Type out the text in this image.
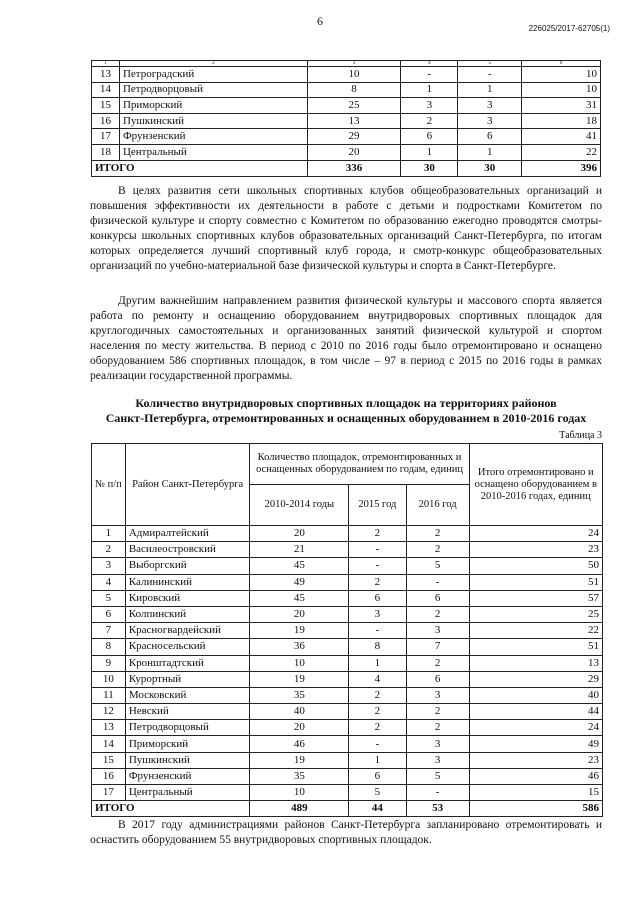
6
226025/2017-62705(1)
1	2	3	4	5	6
13	Петроградский	10	-	-	10
14	Петродворцовый	8	1	1	10
15	Приморский	25	3	3	31
16	Пушкинский	13	2	3	18
17	Фрунзенский	29	6	6	41
18	Центральный	20	1	1	22
ИТОГО		336	30	30	396

В целях развития сети школьных спортивных клубов общеобразовательных организаций и повышения эффективности их деятельности в работе с детьми и подростками Комитетом по физической культуре и спорту совместно с Комитетом по образованию ежегодно проводятся смотры-конкурсы школьных спортивных клубов образовательных организаций Санкт-Петербурга, по итогам которых определяется лучший спортивный клуб города, и смотр-конкурс общеобразовательных организаций по учебно-материальной базе физической культуры и спорта в Санкт-Петербурге.

Другим важнейшим направлением развития физической культуры и массового спорта является работа по ремонту и оснащению оборудованием внутридворовых спортивных площадок для круглогодичных самостоятельных и организованных занятий физической культурой и спортом населения по месту жительства. В период с 2010 по 2016 годы было отремонтировано и оснащено оборудованием 586 спортивных площадок, в том числе – 97 в период с 2015 по 2016 годы в рамках реализации государственной программы.

Количество внутридворовых спортивных площадок на территориях районов
Санкт-Петербурга, отремонтированных и оснащенных оборудованием в 2010-2016 годах
Таблица 3
№ п/п	Район Санкт-Петербурга	Количество площадок, отремонтированных и оснащенных оборудованием по годам, единиц			Итого отремонтировано и оснащено оборудованием в 2010-2016 годах, единиц
		2010-2014 годы	2015 год	2016 год	
1	Адмиралтейский	20	2	2	24
2	Василеостровский	21	-	2	23
3	Выборгский	45	-	5	50
4	Калининский	49	2	-	51
5	Кировский	45	6	6	57
6	Колпинский	20	3	2	25
7	Красногвардейский	19	-	3	22
8	Красносельский	36	8	7	51
9	Кронштадтский	10	1	2	13
10	Курортный	19	4	6	29
11	Московский	35	2	3	40
12	Невский	40	2	2	44
13	Петродворцовый	20	2	2	24
14	Приморский	46	-	3	49
15	Пушкинский	19	1	3	23
16	Фрунзенский	35	6	5	46
17	Центральный	10	5	-	15
ИТОГО		489	44	53	586

В 2017 году администрациями районов Санкт-Петербурга запланировано отремонтировать и оснастить оборудованием 55 внутридворовых спортивных площадок.
